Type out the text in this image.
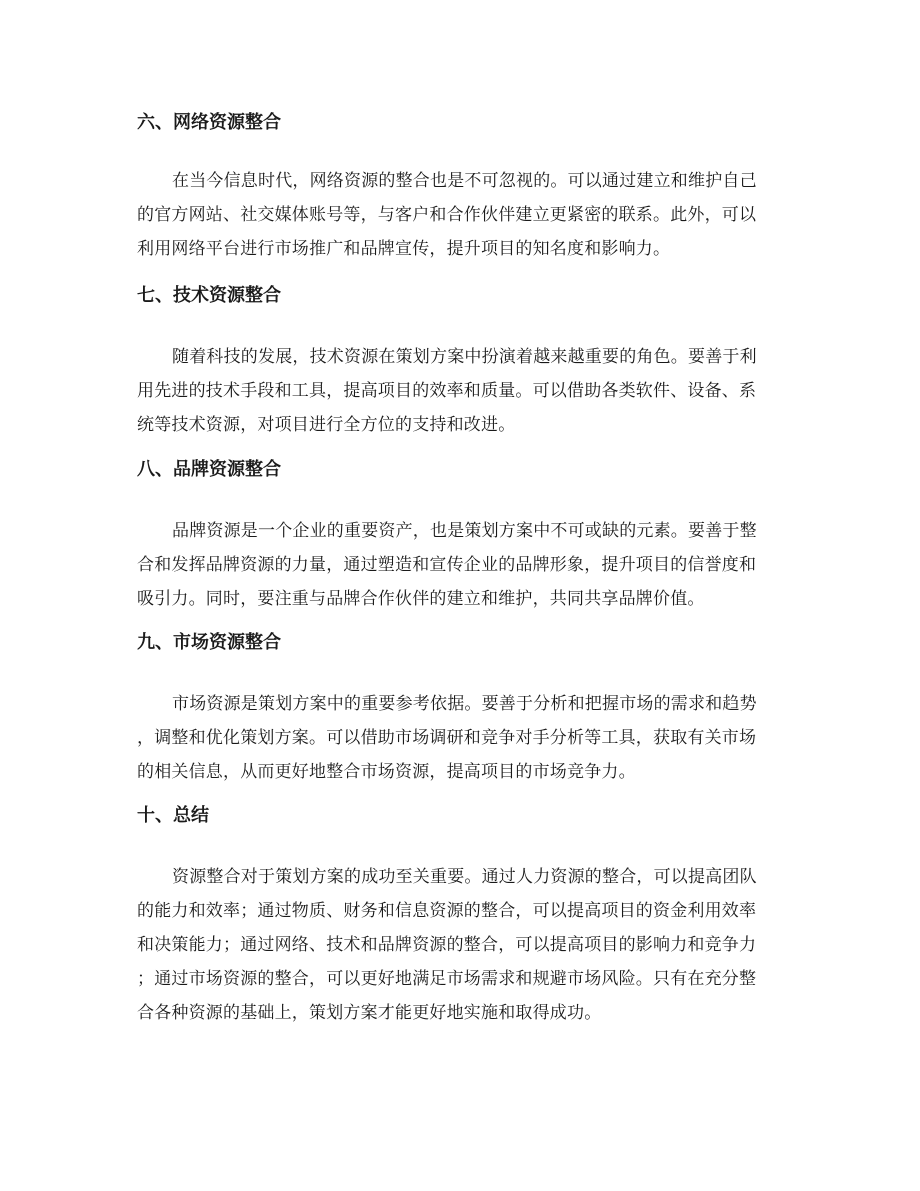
六、网络资源整合
在当今信息时代，网络资源的整合也是不可忽视的。可以通过建立和维护自己
的官方网站、社交媒体账号等，与客户和合作伙伴建立更紧密的联系。此外，可以
利用网络平台进行市场推广和品牌宣传，提升项目的知名度和影响力。
七、技术资源整合
随着科技的发展，技术资源在策划方案中扮演着越来越重要的角色。要善于利
用先进的技术手段和工具，提高项目的效率和质量。可以借助各类软件、设备、系
统等技术资源，对项目进行全方位的支持和改进。
八、品牌资源整合
品牌资源是一个企业的重要资产，也是策划方案中不可或缺的元素。要善于整
合和发挥品牌资源的力量，通过塑造和宣传企业的品牌形象，提升项目的信誉度和
吸引力。同时，要注重与品牌合作伙伴的建立和维护，共同共享品牌价值。
九、市场资源整合
市场资源是策划方案中的重要参考依据。要善于分析和把握市场的需求和趋势
，调整和优化策划方案。可以借助市场调研和竞争对手分析等工具，获取有关市场
的相关信息，从而更好地整合市场资源，提高项目的市场竞争力。
十、总结
资源整合对于策划方案的成功至关重要。通过人力资源的整合，可以提高团队
的能力和效率；通过物质、财务和信息资源的整合，可以提高项目的资金利用效率
和决策能力；通过网络、技术和品牌资源的整合，可以提高项目的影响力和竞争力
；通过市场资源的整合，可以更好地满足市场需求和规避市场风险。只有在充分整
合各种资源的基础上，策划方案才能更好地实施和取得成功。
